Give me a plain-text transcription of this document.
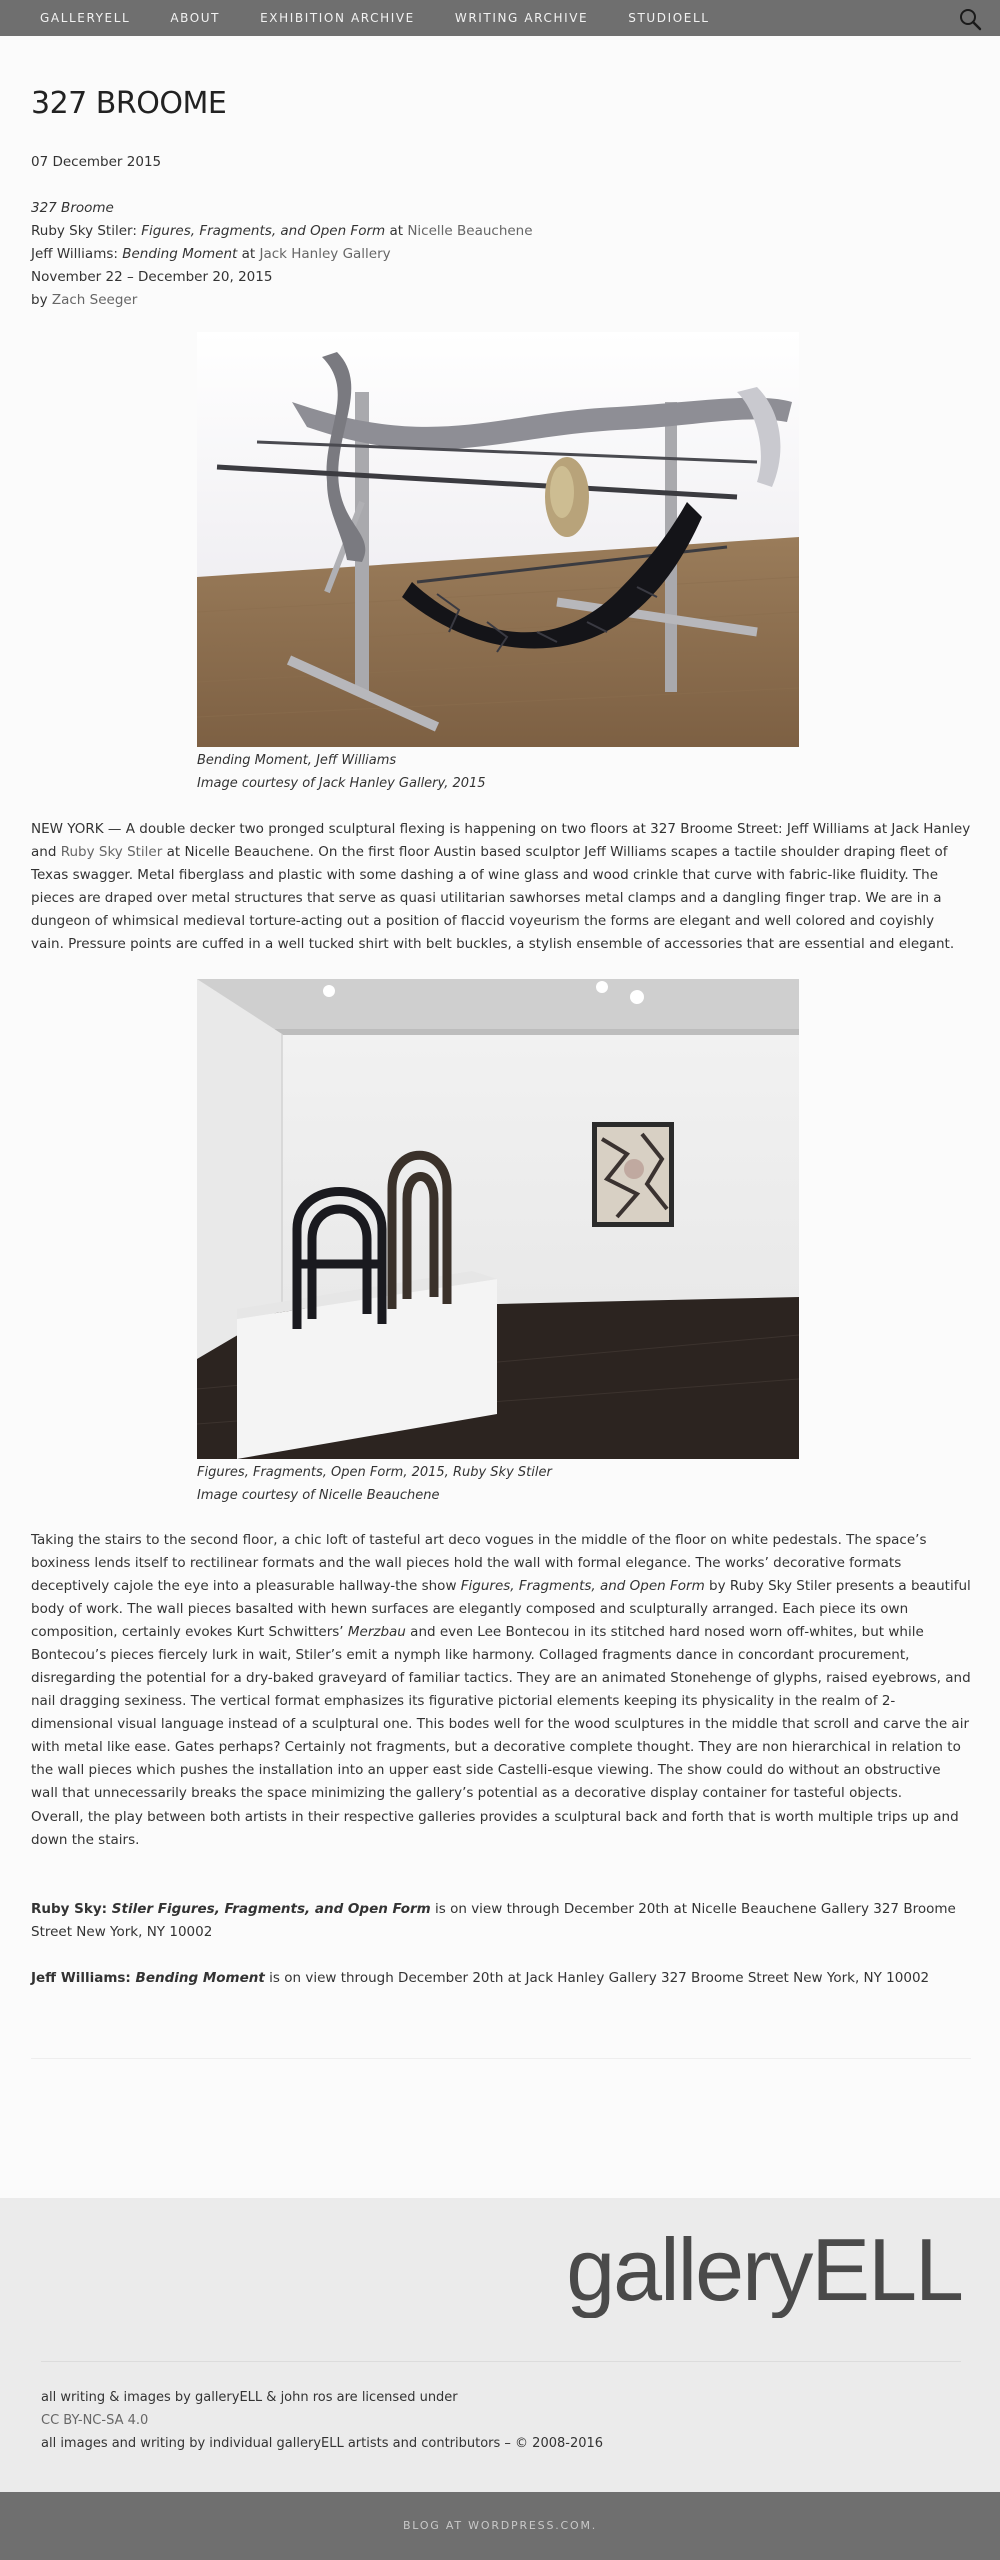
GALLERYELL	ABOUT	EXHIBITION ARCHIVE	WRITING ARCHIVE	STUDIOELL
327 BROOME
07 December 2015
327 Broome
Ruby Sky Stiler: Figures, Fragments, and Open Form at Nicelle Beauchene
Jeff Williams: Bending Moment at Jack Hanley Gallery
November 22 – December 20, 2015
by Zach Seeger
Bending Moment, Jeff Williams
Image courtesy of Jack Hanley Gallery, 2015

NEW YORK — A double decker two pronged sculptural flexing is happening on two floors at 327 Broome Street: Jeff Williams at Jack Hanley and Ruby Sky Stiler at Nicelle Beauchene. On the first floor Austin based sculptor Jeff Williams scapes a tactile shoulder draping fleet of Texas swagger. Metal fiberglass and plastic with some dashing a of wine glass and wood crinkle that curve with fabric-like fluidity. The pieces are draped over metal structures that serve as quasi utilitarian sawhorses metal clamps and a dangling finger trap. We are in a dungeon of whimsical medieval torture-acting out a position of flaccid voyeurism the forms are elegant and well colored and coyishly vain. Pressure points are cuffed in a well tucked shirt with belt buckles, a stylish ensemble of accessories that are essential and elegant.

Figures, Fragments, Open Form, 2015, Ruby Sky Stiler
Image courtesy of Nicelle Beauchene

Taking the stairs to the second floor, a chic loft of tasteful art deco vogues in the middle of the floor on white pedestals. The space’s boxiness lends itself to rectilinear formats and the wall pieces hold the wall with formal elegance. The works’ decorative formats deceptively cajole the eye into a pleasurable hallway-the show Figures, Fragments, and Open Form by Ruby Sky Stiler presents a beautiful body of work. The wall pieces basalted with hewn surfaces are elegantly composed and sculpturally arranged. Each piece its own composition, certainly evokes Kurt Schwitters’ Merzbau and even Lee Bontecou in its stitched hard nosed worn off-whites, but while Bontecou’s pieces fiercely lurk in wait, Stiler’s emit a nymph like harmony. Collaged fragments dance in concordant procurement, disregarding the potential for a dry-baked graveyard of familiar tactics. They are an animated Stonehenge of glyphs, raised eyebrows, and nail dragging sexiness. The vertical format emphasizes its figurative pictorial elements keeping its physicality in the realm of 2-dimensional visual language instead of a sculptural one. This bodes well for the wood sculptures in the middle that scroll and carve the air with metal like ease. Gates perhaps? Certainly not fragments, but a decorative complete thought. They are non hierarchical in relation to the wall pieces which pushes the installation into an upper east side Castelli-esque viewing. The show could do without an obstructive wall that unnecessarily breaks the space minimizing the gallery’s potential as a decorative display container for tasteful objects.

Overall, the play between both artists in their respective galleries provides a sculptural back and forth that is worth multiple trips up and down the stairs.

Ruby Sky: Stiler Figures, Fragments, and Open Form is on view through December 20th at Nicelle Beauchene Gallery 327 Broome Street New York, NY 10002

Jeff Williams: Bending Moment is on view through December 20th at Jack Hanley Gallery 327 Broome Street New York, NY 10002

galleryELL
all writing & images by galleryELL & john ros are licensed under
CC BY-NC-SA 4.0
all images and writing by individual galleryELL artists and contributors – © 2008-2016
BLOG AT WORDPRESS.COM.
